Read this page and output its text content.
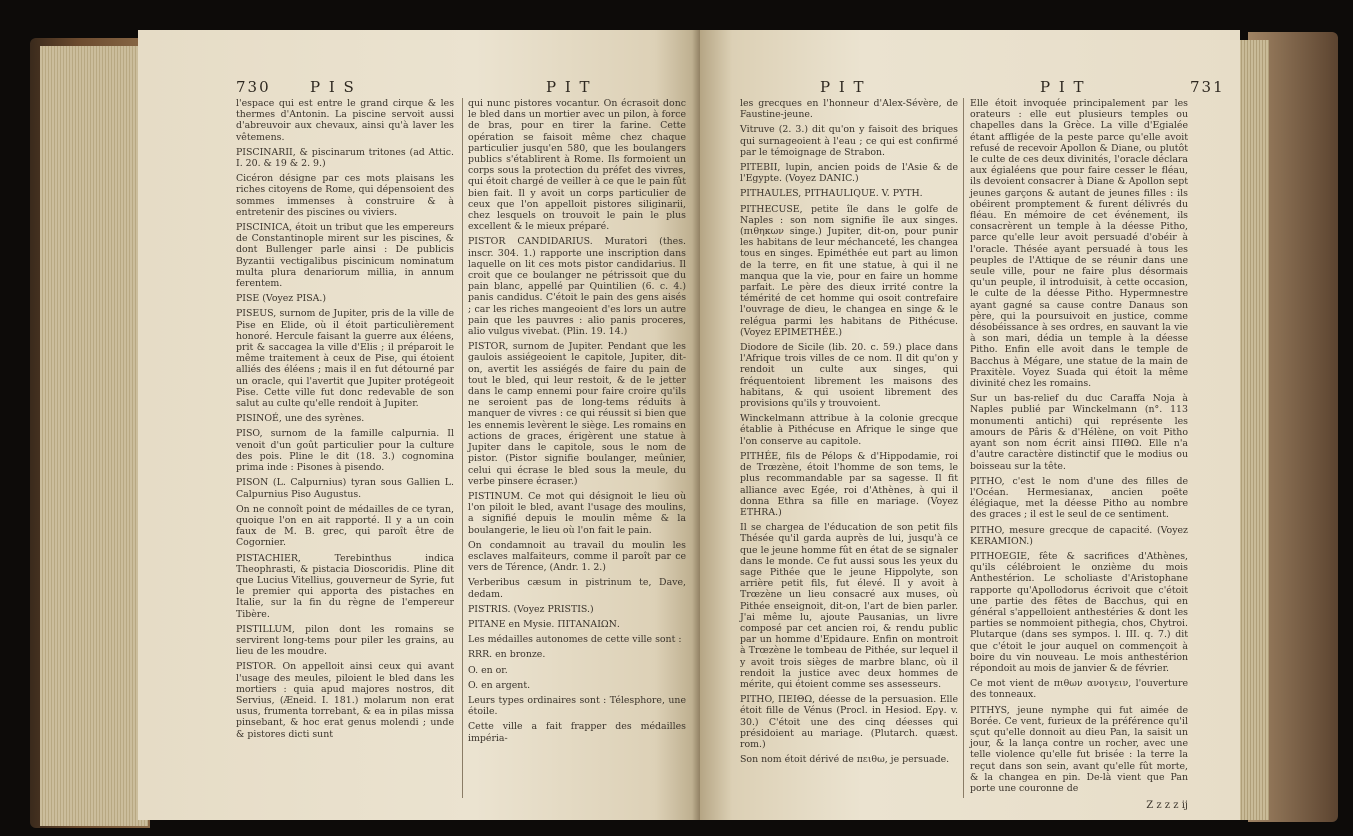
730	P I S	P I T

l'espace qui est entre le grand cirque & les thermes d'Antonin. La piscine servoit aussi d'abreuvoir aux chevaux, ainsi qu'à laver les vêtemens.

PISCINARII, & piscinarum tritones (ad Attic. I. 20. & 19 & 2. 9.)

Cicéron désigne par ces mots plaisans les riches citoyens de Rome, qui dépensoient des sommes immenses à construire & à entretenir des piscines ou viviers.

PISCINICA, étoit un tribut que les empereurs de Constantinople mirent sur les piscines, & dont Bullenger parle ainsi : De publicis Byzantii vectigalibus piscinicum nominatum multa plura denariorum millia, in annum ferentem.

PISE (Voyez PISA.)

PISEUS, surnom de Jupiter, pris de la ville de Pise en Elide, où il étoit particulièrement honoré. Hercule faisant la guerre aux éléens, prit & saccagea la ville d'Elis ; il préparoit le même traitement à ceux de Pise, qui étoient alliés des éléens ; mais il en fut détourné par un oracle, qui l'avertit que Jupiter protégeoit Pise. Cette ville fut donc redevable de son salut au culte qu'elle rendoit à Jupiter.

PISINOÉ, une des syrènes.

PISO, surnom de la famille calpurnia. Il venoit d'un goût particulier pour la culture des pois. Pline le dit (18. 3.) cognomina prima inde : Pisones à pisendo.

PISON (L. Calpurnius) tyran sous Gallien L. Calpurnius Piso Augustus.

On ne connoît point de médailles de ce tyran, quoique l'on en ait rapporté. Il y a un coin faux de M. B. grec, qui paroît être de Cogornier.

PISTACHIER, Terebinthus indica Theophrasti, & pistacia Dioscoridis. Pline dit que Lucius Vitellius, gouverneur de Syrie, fut le premier qui apporta des pistaches en Italie, sur la fin du règne de l'empereur Tibère.

PISTILLUM, pilon dont les romains se servirent long-tems pour piler les grains, au lieu de les moudre.

PISTOR. On appelloit ainsi ceux qui avant l'usage des meules, piloient le bled dans les mortiers : quia apud majores nostros, dit Servius, (Æneid. I. 181.) molarum non erat usus, frumenta torrebant, & ea in pilas missa pinsebant, & hoc erat genus molendi ; unde & pistores dicti sunt

qui nunc pistores vocantur. On écrasoit donc le bled dans un mortier avec un pilon, à force de bras, pour en tirer la farine. Cette opération se faisoit même chez chaque particulier jusqu'en 580, que les boulangers publics s'établirent à Rome. Ils formoient un corps sous la protection du préfet des vivres, qui étoit chargé de veiller à ce que le pain fût bien fait. Il y avoit un corps particulier de ceux que l'on appelloit pistores siliginarii, chez lesquels on trouvoit le pain le plus excellent & le mieux préparé.

PISTOR CANDIDARIUS. Muratori (thes. inscr. 304. 1.) rapporte une inscription dans laquelle on lit ces mots pistor candidarius. Il croit que ce boulanger ne pétrissoit que du pain blanc, appellé par Quintilien (6. c. 4.) panis candidus. C'étoit le pain des gens aisés ; car les riches mangeoient d'es lors un autre pain que les pauvres : alio panis proceres, alio vulgus vivebat. (Plin. 19. 14.)

PISTOR, surnom de Jupiter. Pendant que les gaulois assiégeoient le capitole, Jupiter, dit-on, avertit les assiégés de faire du pain de tout le bled, qui leur restoit, & de le jetter dans le camp ennemi pour faire croire qu'ils ne seroient pas de long-tems réduits à manquer de vivres : ce qui réussit si bien que les ennemis levèrent le siège. Les romains en actions de graces, érigèrent une statue à Jupiter dans le capitole, sous le nom de pistor. (Pistor signifie boulanger, meûnier, celui qui écrase le bled sous la meule, du verbe pinsere écraser.)

PISTINUM. Ce mot qui désignoit le lieu où l'on piloit le bled, avant l'usage des moulins, a signifié depuis le moulin même & la boulangerie, le lieu où l'on fait le pain.

On condamnoit au travail du moulin les esclaves malfaiteurs, comme il paroît par ce vers de Térence, (Andr. 1. 2.)

Verberibus cæsum in pistrinum te, Dave, dedam.

PISTRIS. (Voyez PRISTIS.)

PITANE en Mysie. ΠΙΤΑΝΑΙΩΝ.

Les médailles autonomes de cette ville sont :

RRR. en bronze.

O. en or.

O. en argent.

Leurs types ordinaires sont : Télesphore, une étoile.

Cette ville a fait frapper des médailles impéria-

P I T	P I T	731

les grecques en l'honneur d'Alex-Sévère, de Faustine-jeune.

Vitruve (2. 3.) dit qu'on y faisoit des briques qui surnageoient à l'eau ; ce qui est confirmé par le témoignage de Strabon.

PITEBII, lupin, ancien poids de l'Asie & de l'Egypte. (Voyez DANIC.)

PITHAULES, PITHAULIQUE. V. PYTH.

PITHECUSE, petite île dans le golfe de Naples : son nom signifie île aux singes. (πιθηκων singe.) Jupiter, dit-on, pour punir les habitans de leur méchanceté, les changea tous en singes. Epiméthée eut part au limon de la terre, en fit une statue, à qui il ne manqua que la vie, pour en faire un homme parfait. Le père des dieux irrité contre la témérité de cet homme qui osoit contrefaire l'ouvrage de dieu, le changea en singe & le relégua parmi les habitans de Pithécuse. (Voyez EPIMETHÉE.)

Diodore de Sicile (lib. 20. c. 59.) place dans l'Afrique trois villes de ce nom. Il dit qu'on y rendoit un culte aux singes, qui fréquentoient librement les maisons des habitans, & qui usoient librement des provisions qu'ils y trouvoient.

Winckelmann attribue à la colonie grecque établie à Pithécuse en Afrique le singe que l'on conserve au capitole.

PITHÉE, fils de Pélops & d'Hippodamie, roi de Trœzène, étoit l'homme de son tems, le plus recommandable par sa sagesse. Il fit alliance avec Egée, roi d'Athènes, à qui il donna Ethra sa fille en mariage. (Voyez ETHRA.)

Il se chargea de l'éducation de son petit fils Thésée qu'il garda auprès de lui, jusqu'à ce que le jeune homme fût en état de se signaler dans le monde. Ce fut aussi sous les yeux du sage Pithée que le jeune Hippolyte, son arrière petit fils, fut élevé. Il y avoit à Trœzène un lieu consacré aux muses, où Pithée enseignoit, dit-on, l'art de bien parler. J'ai même lu, ajoute Pausanias, un livre composé par cet ancien roi, & rendu public par un homme d'Epidaure. Enfin on montroit à Trœzène le tombeau de Pithée, sur lequel il y avoit trois sièges de marbre blanc, où il rendoit la justice avec deux hommes de mérite, qui étoient comme ses assesseurs.

PITHO, ΠΕΙΘΩ, déesse de la persuasion. Elle étoit fille de Vénus (Procl. in Hesiod. Εργ. v. 30.) C'étoit une des cinq déesses qui présidoient au mariage. (Plutarch. quæst. rom.)

Son nom étoit dérivé de πειθω, je persuade.

Elle étoit invoquée principalement par les orateurs : elle eut plusieurs temples ou chapelles dans la Grèce. La ville d'Egialée étant affligée de la peste parce qu'elle avoit refusé de recevoir Apollon & Diane, ou plutôt le culte de ces deux divinités, l'oracle déclara aux égialéens que pour faire cesser le fléau, ils devoient consacrer à Diane & Apollon sept jeunes garçons & autant de jeunes filles : ils obéirent promptement & furent délivrés du fléau. En mémoire de cet événement, ils consacrèrent un temple à la déesse Pitho, parce qu'elle leur avoit persuadé d'obéir à l'oracle. Thésée ayant persuadé à tous les peuples de l'Attique de se réunir dans une seule ville, pour ne faire plus désormais qu'un peuple, il introduisit, à cette occasion, le culte de la déesse Pitho. Hypermnestre ayant gagné sa cause contre Danaus son père, qui la poursuivoit en justice, comme désobéissance à ses ordres, en sauvant la vie à son mari, dédia un temple à la déesse Pitho. Enfin elle avoit dans le temple de Bacchus à Mégare, une statue de la main de Praxitèle. Voyez Suada qui étoit la même divinité chez les romains.

Sur un bas-relief du duc Caraffa Noja à Naples publié par Winckelmann (n°. 113 monumenti antichi) qui représente les amours de Pâris & d'Hélène, on voit Pitho ayant son nom écrit ainsi ΠΙΘΩ. Elle n'a d'autre caractère distinctif que le modius ou boisseau sur la tête.

PITHO, c'est le nom d'une des filles de l'Océan. Hermesianax, ancien poëte élégiaque, met la déesse Pitho au nombre des graces ; il est le seul de ce sentiment.

PITHO, mesure grecque de capacité. (Voyez KERAMION.)

PITHOEGIE, fête & sacrifices d'Athènes, qu'ils célébroient le onzième du mois Anthestérion. Le scholiaste d'Aristophane rapporte qu'Apollodorus écrivoit que c'étoit une partie des fêtes de Bacchus, qui en général s'appelloient anthestéries & dont les parties se nommoient pithegia, chos, Chytroi. Plutarque (dans ses sympos. l. III. q. 7.) dit que c'étoit le jour auquel on commençoit à boire du vin nouveau. Le mois anthestérion répondoit au mois de janvier & de février.

Ce mot vient de πιθων ανοιγειν, l'ouverture des tonneaux.

PITHYS, jeune nymphe qui fut aimée de Borée. Ce vent, furieux de la préférence qu'il sçut qu'elle donnoit au dieu Pan, la saisit un jour, & la lança contre un rocher, avec une telle violence qu'elle fut brisée : la terre la reçut dans son sein, avant qu'elle fût morte, & la changea en pin. De-là vient que Pan porte une couronne de

Z z z z ij
